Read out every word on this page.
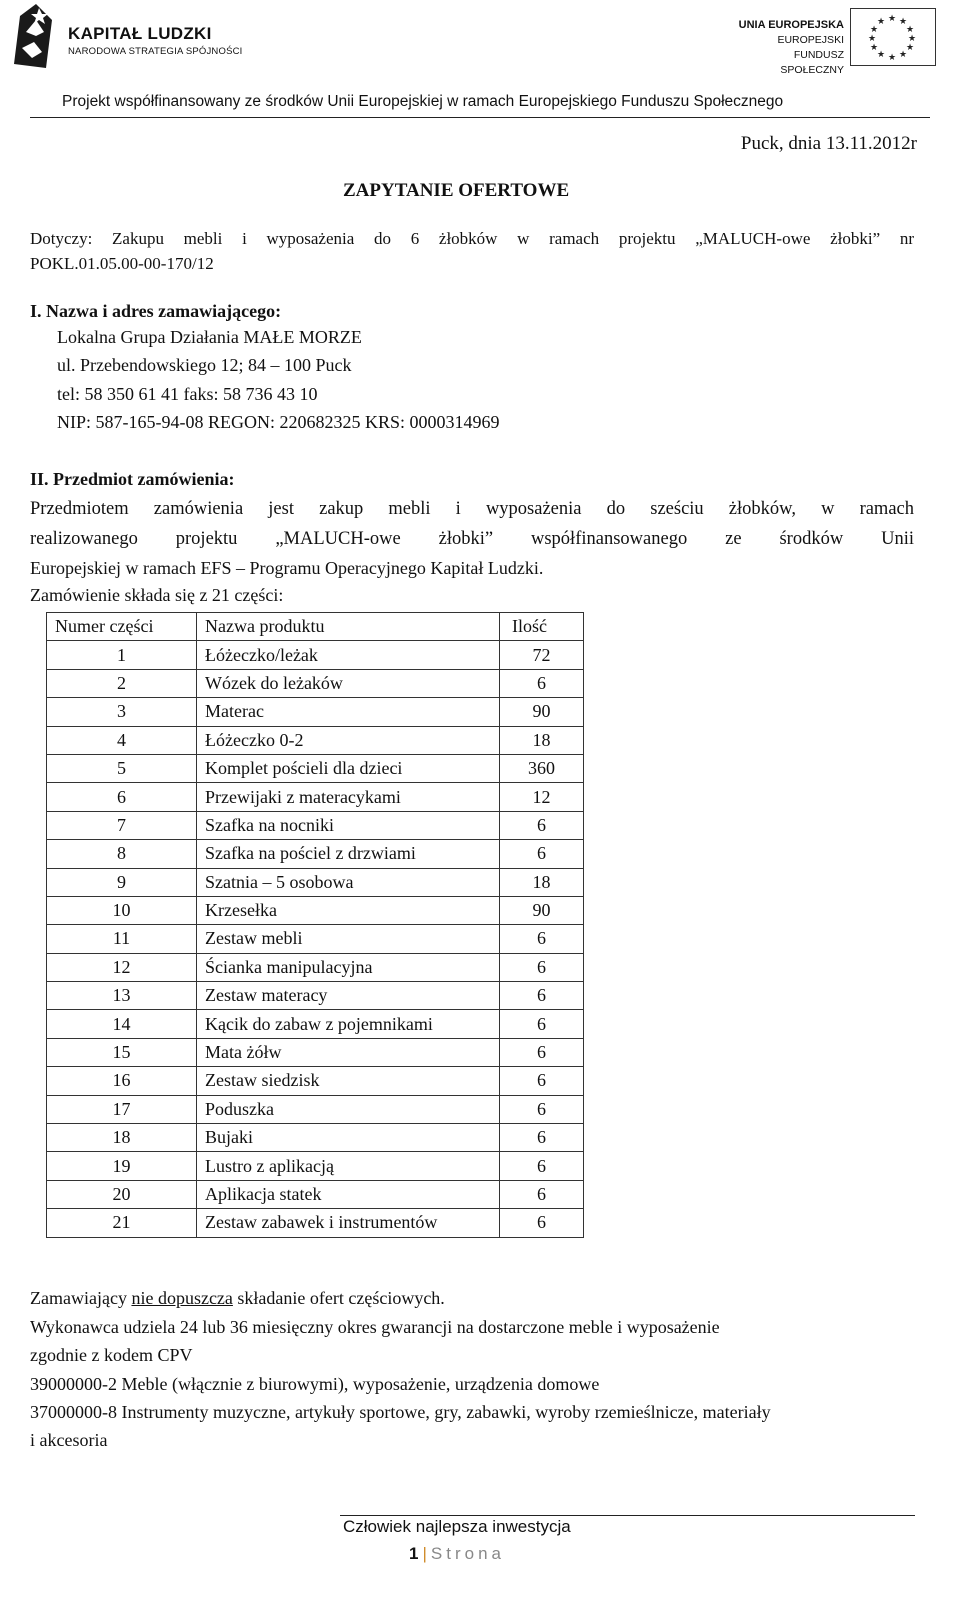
KAPITAŁ LUDZKI
NARODOWA STRATEGIA SPÓJNOŚCI
UNIA EUROPEJSKA
EUROPEJSKI
FUNDUSZ SPOŁECZNY
★ ★
★
★
★
★
★
★
★
★
★
★
Projekt współfinansowany ze środków Unii Europejskiej w ramach Europejskiego Funduszu Społecznego
Puck, dnia 13.11.2012r
ZAPYTANIE OFERTOWE
Dotyczy: Zakupu mebli i wyposażenia do 6 żłobków w ramach projektu „MALUCH-owe żłobki” nr
POKL.01.05.00-00-170/12
I. Nazwa i adres zamawiającego:
Lokalna Grupa Działania MAŁE MORZE
ul. Przebendowskiego 12; 84 – 100 Puck
tel: 58 350 61 41 faks: 58 736 43 10
NIP: 587-165-94-08 REGON: 220682325 KRS: 0000314969
II. Przedmiot zamówienia:
Przedmiotem zamówienia jest zakup mebli i wyposażenia do sześciu żłobków, w ramach
realizowanego projektu „MALUCH-owe żłobki” współfinansowanego ze środków Unii
Europejskiej w ramach EFS – Programu Operacyjnego Kapitał Ludzki.
Zamówienie składa się z 21 części:
Numer części	Nazwa produktu	Ilość
1	Łóżeczko/leżak	72
2	Wózek do leżaków	6
3	Materac	90
4	Łóżeczko 0-2	18
5	Komplet pościeli dla dzieci	360
6	Przewijaki z materacykami	12
7	Szafka na nocniki	6
8	Szafka na pościel z drzwiami	6
9	Szatnia – 5 osobowa	18
10	Krzesełka	90
11	Zestaw mebli	6
12	Ścianka manipulacyjna	6
13	Zestaw materacy	6
14	Kącik do zabaw z pojemnikami	6
15	Mata żółw	6
16	Zestaw siedzisk	6
17	Poduszka	6
18	Bujaki	6
19	Lustro z aplikacją	6
20	Aplikacja statek	6
21	Zestaw zabawek i instrumentów	6
Zamawiający nie dopuszcza składanie ofert częściowych.
Wykonawca udziela 24 lub 36 miesięczny okres gwarancji na dostarczone meble i wyposażenie
zgodnie z kodem CPV
39000000-2 Meble (włącznie z biurowymi), wyposażenie, urządzenia domowe
37000000-8 Instrumenty muzyczne, artykuły sportowe, gry, zabawki, wyroby rzemieślnicze, materiały
i akcesoria
Człowiek najlepsza inwestycja
1 | Strona
